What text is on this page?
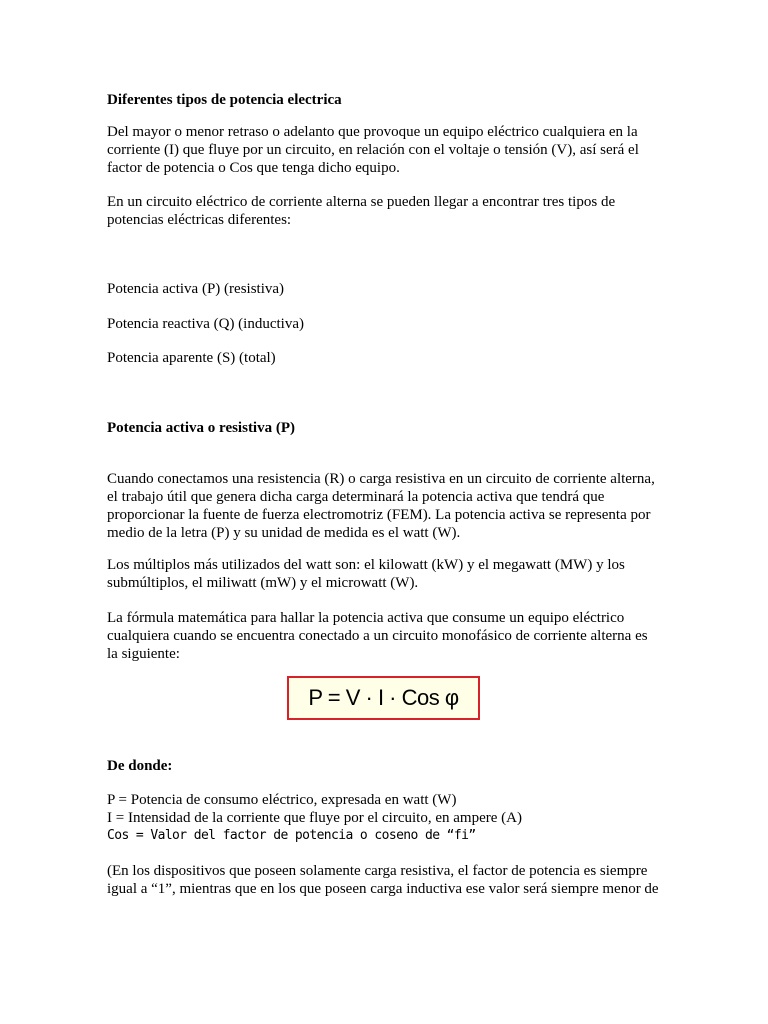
Diferentes tipos de potencia electrica

Del mayor o menor retraso o adelanto que provoque un equipo eléctrico cualquiera en la
corriente (I) que fluye por un circuito, en relación con el voltaje o tensión (V), así será el
factor de potencia o Cos que tenga dicho equipo.

En un circuito eléctrico de corriente alterna se pueden llegar a encontrar tres tipos de
potencias eléctricas diferentes:

Potencia activa (P) (resistiva)

Potencia reactiva (Q) (inductiva)

Potencia aparente (S) (total)

Potencia activa o resistiva (P)

Cuando conectamos una resistencia (R) o carga resistiva en un circuito de corriente alterna,
el trabajo útil que genera dicha carga determinará la potencia activa que tendrá que
proporcionar la fuente de fuerza electromotriz (FEM). La potencia activa se representa por
medio de la letra (P) y su unidad de medida es el watt (W).

Los múltiplos más utilizados del watt son: el kilowatt (kW) y el megawatt (MW) y los
submúltiplos, el miliwatt (mW) y el microwatt (W).

La fórmula matemática para hallar la potencia activa que consume un equipo eléctrico
cualquiera cuando se encuentra conectado a un circuito monofásico de corriente alterna es
la siguiente:

P = V · I · Cos φ

De donde:

P = Potencia de consumo eléctrico, expresada en watt (W)
I = Intensidad de la corriente que fluye por el circuito, en ampere (A)
Cos = Valor del factor de potencia o coseno de “fi”

(En los dispositivos que poseen solamente carga resistiva, el factor de potencia es siempre
igual a “1”, mientras que en los que poseen carga inductiva ese valor será siempre menor de
